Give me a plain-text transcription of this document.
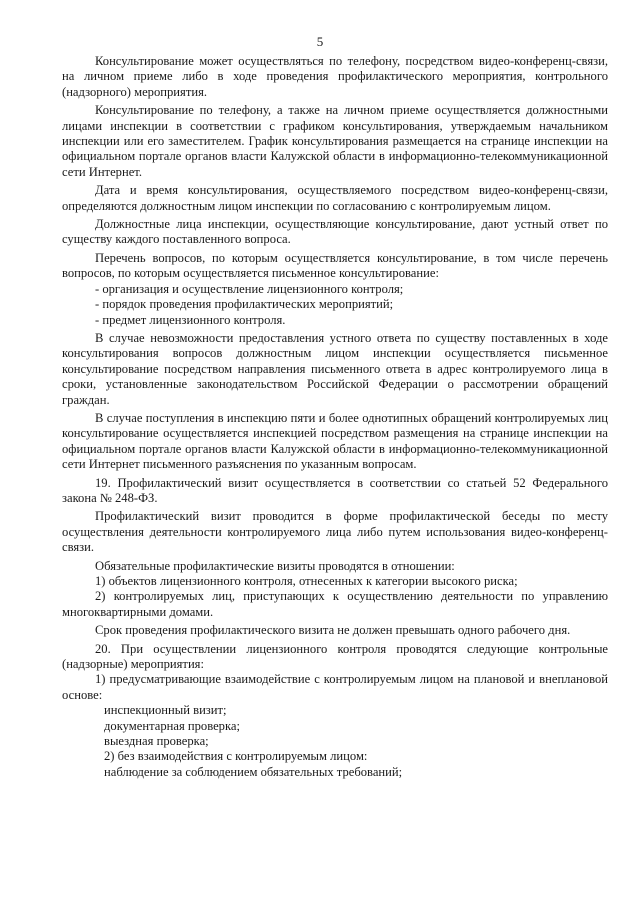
5

Консультирование может осуществляться по телефону, посредством видео-конференц-связи, на личном приеме либо в ходе проведения профилактического мероприятия, контрольного (надзорного) мероприятия.

Консультирование по телефону, а также на личном приеме осуществляется должностными лицами инспекции в соответствии с графиком консультирования, утверждаемым начальником инспекции или его заместителем. График консультирования размещается на странице инспекции на официальном портале органов власти Калужской области в информационно-телекоммуникационной сети Интернет.

Дата и время консультирования, осуществляемого посредством видео-конференц-связи, определяются должностным лицом инспекции по согласованию с контролируемым лицом.

Должностные лица инспекции, осуществляющие консультирование, дают устный ответ по существу каждого поставленного вопроса.

Перечень вопросов, по которым осуществляется консультирование, в том числе перечень вопросов, по которым осуществляется письменное консультирование:

- организация и осуществление лицензионного контроля;

- порядок проведения профилактических мероприятий;

- предмет лицензионного контроля.

В случае невозможности предоставления устного ответа по существу поставленных в ходе консультирования вопросов должностным лицом инспекции осуществляется письменное консультирование посредством направления письменного ответа в адрес контролируемого лица в сроки, установленные законодательством Российской Федерации о рассмотрении обращений граждан.

В случае поступления в инспекцию пяти и более однотипных обращений контролируемых лиц консультирование осуществляется инспекцией посредством размещения на странице инспекции на официальном портале органов власти Калужской области в информационно-телекоммуникационной сети Интернет письменного разъяснения по указанным вопросам.

19. Профилактический визит осуществляется в соответствии со статьей 52 Федерального закона № 248-ФЗ.

Профилактический визит проводится в форме профилактической беседы по месту осуществления деятельности контролируемого лица либо путем использования видео-конференц-связи.

Обязательные профилактические визиты проводятся в отношении:

1) объектов лицензионного контроля, отнесенных к категории высокого риска;

2) контролируемых лиц, приступающих к осуществлению деятельности по управлению многоквартирными домами.

Срок проведения профилактического визита не должен превышать одного рабочего дня.

20. При осуществлении лицензионного контроля проводятся следующие контрольные (надзорные) мероприятия:

1) предусматривающие взаимодействие с контролируемым лицом на плановой и внеплановой основе:

инспекционный визит;

документарная проверка;

выездная проверка;

2) без взаимодействия с контролируемым лицом:

наблюдение за соблюдением обязательных требований;
